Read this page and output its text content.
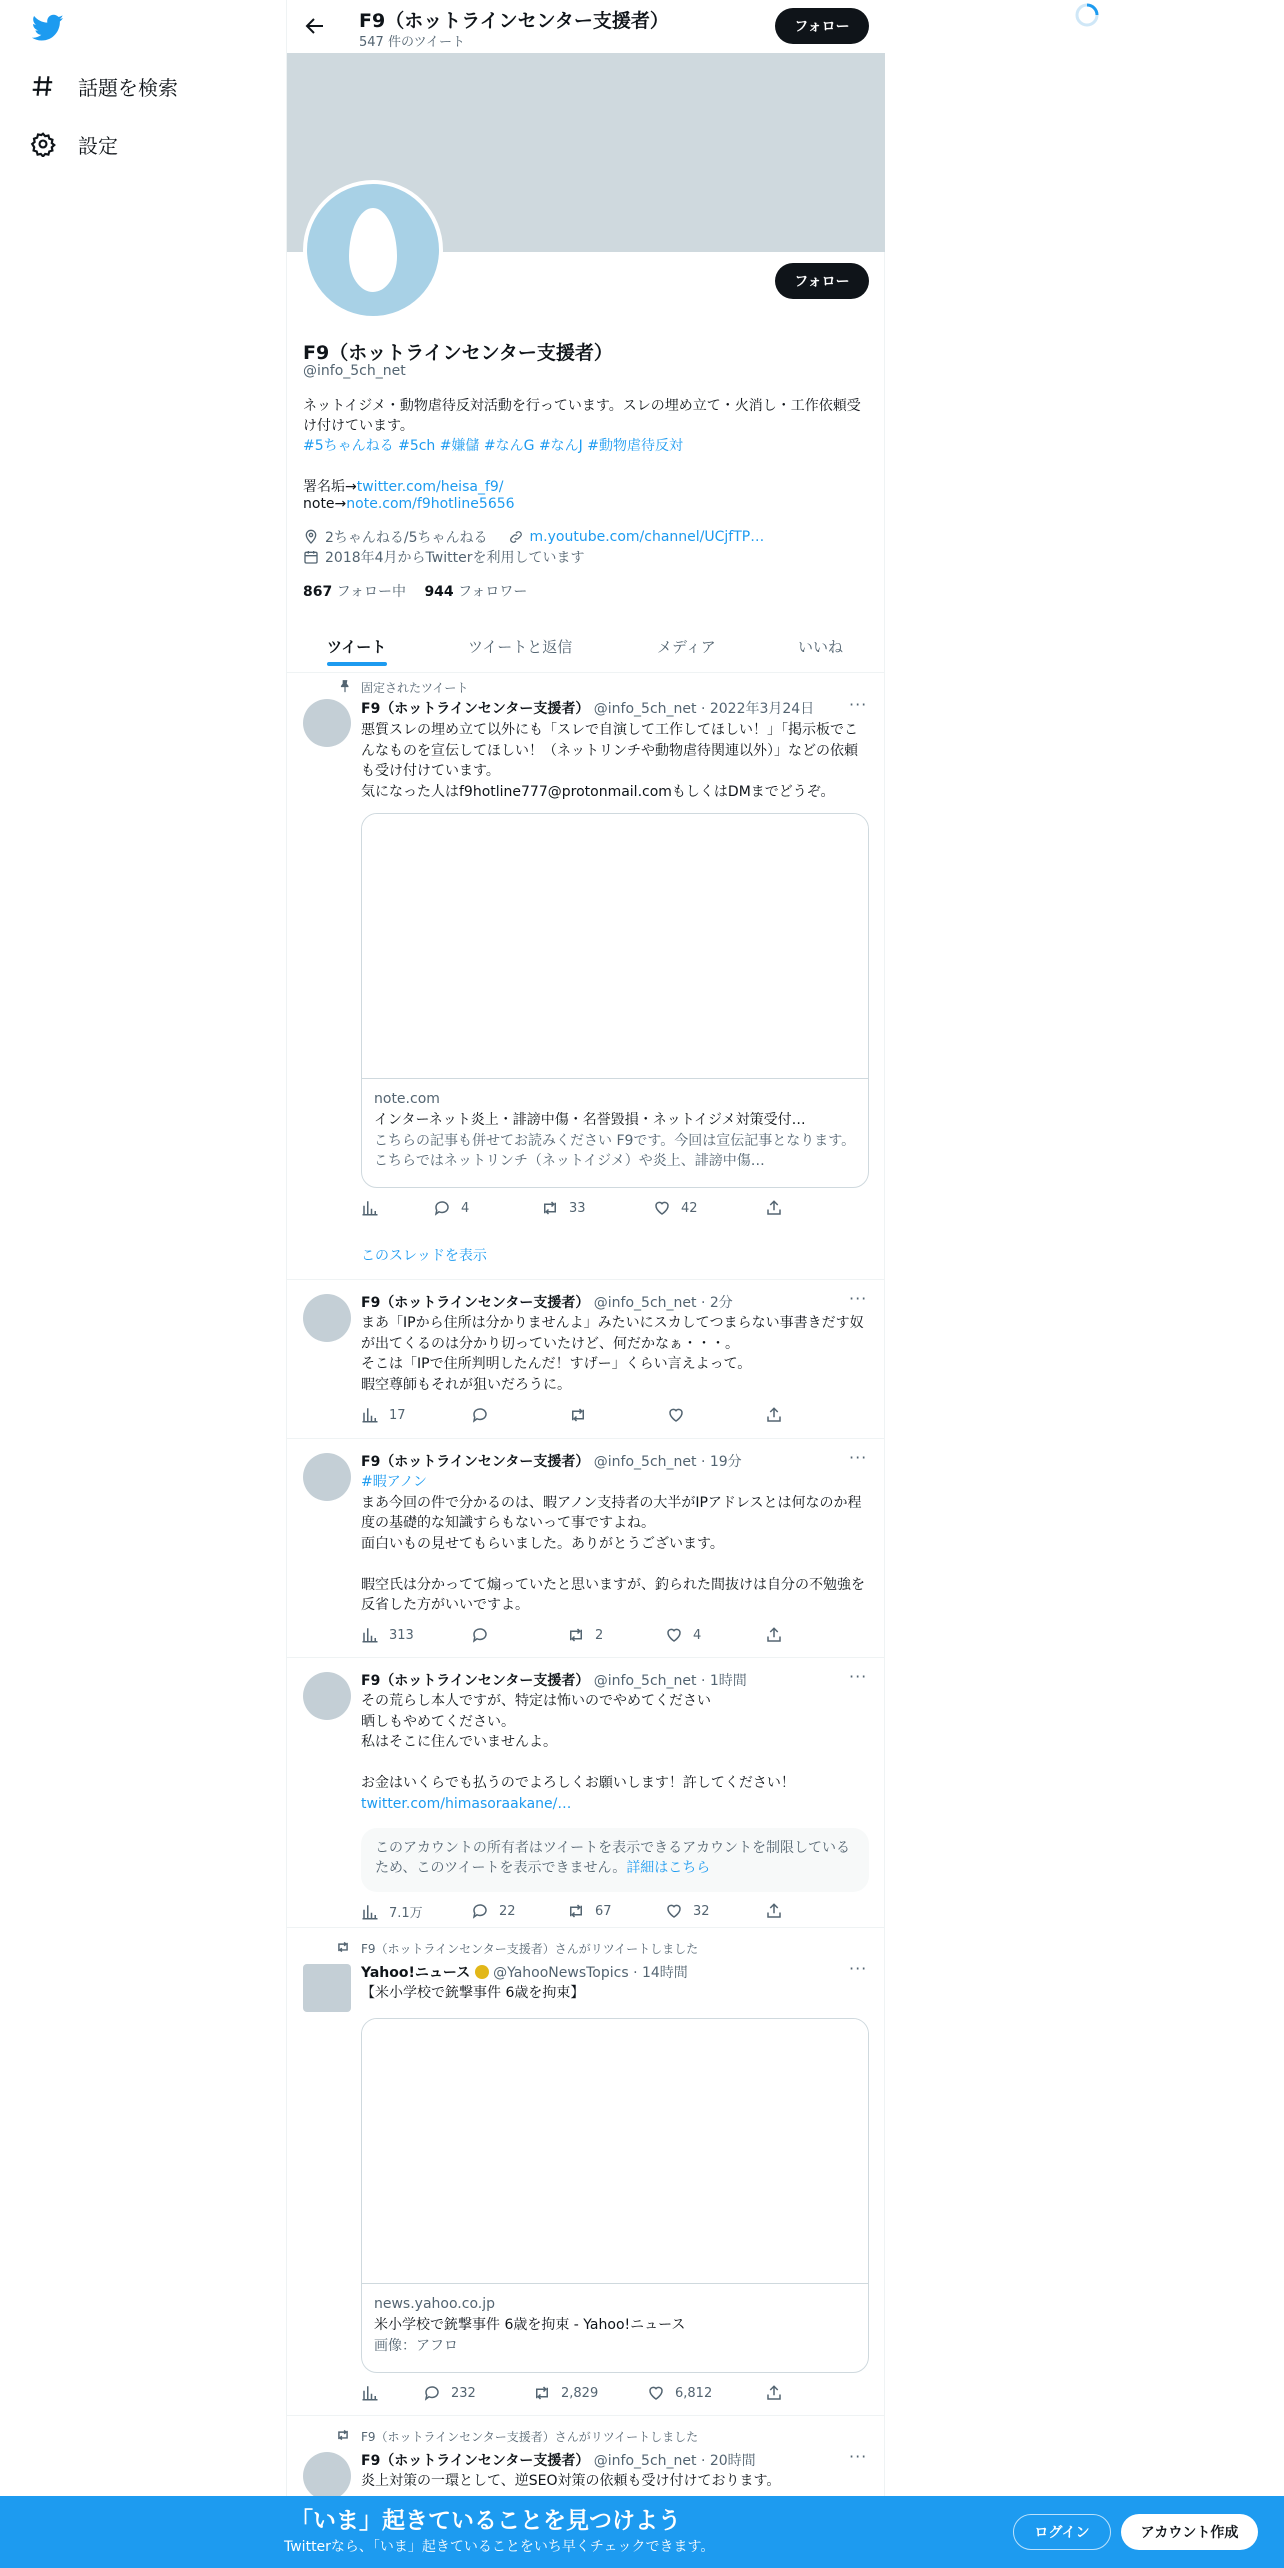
話題を検索
設定
F9（ホットラインセンター支援者）
547 件のツイート
フォロー
フォロー
F9（ホットラインセンター支援者）
@info_5ch_net
ネットイジメ・動物虐待反対活動を行っています。スレの埋め立て・火消し・工作依頼受け付けています。
#5ちゃんねる #5ch #嫌儲 #なんG #なんJ #動物虐待反対
署名垢→twitter.com/heisa_f9/
note→note.com/f9hotline5656
2ちゃんねる/5ちゃんねる	m.youtube.com/channel/UCjfTP…
2018年4月からTwitterを利用しています
867 フォロー中 944 フォロワー
ツイート	ツイートと返信	メディア	いいね
固定されたツイート
F9（ホットラインセンター支援者） @info_5ch_net · 2022年3月24日 ···
悪質スレの埋め立て以外にも「スレで自演して工作してほしい！」「掲示板でこんなものを宣伝してほしい！（ネットリンチや動物虐待関連以外）」などの依頼も受け付けています。
気になった人はf9hotline777@protonmail.comもしくはDMまでどうぞ。
note.com
インターネット炎上・誹謗中傷・名誉毀損・ネットイジメ対策受付…
こちらの記事も併せてお読みください F9です。今回は宣伝記事となります。 こちらではネットリンチ（ネットイジメ）や炎上、誹謗中傷…
4	33	42
このスレッドを表示
F9（ホットラインセンター支援者） @info_5ch_net · 2分	···
まあ「IPから住所は分かりませんよ」みたいにスカしてつまらない事書きだす奴が出てくるのは分かり切っていたけど、何だかなぁ・・・。
そこは「IPで住所判明したんだ！すげー」くらい言えよって。
暇空尊師もそれが狙いだろうに。
17
F9（ホットラインセンター支援者） @info_5ch_net · 19分	···
#暇アノン
まあ今回の件で分かるのは、暇アノン支持者の大半がIPアドレスとは何なのか程度の基礎的な知識すらもないって事ですよね。
面白いもの見せてもらいました。ありがとうございます。

暇空氏は分かってて煽っていたと思いますが、釣られた間抜けは自分の不勉強を反省した方がいいですよ。
313	2	4
F9（ホットラインセンター支援者） @info_5ch_net · 1時間	···
その荒らし本人ですが、特定は怖いのでやめてください
晒しもやめてください。
私はそこに住んでいませんよ。

お金はいくらでも払うのでよろしくお願いします！許してください！
twitter.com/himasoraakane/…
このアカウントの所有者はツイートを表示できるアカウントを制限しているため、このツイートを表示できません。詳細はこちら
7.1万	22	67	32
F9（ホットラインセンター支援者）さんがリツイートしました
Yahoo!ニュース @YahooNewsTopics · 14時間	···
【米小学校で銃撃事件 6歳を拘束】
news.yahoo.co.jp
米小学校で銃撃事件 6歳を拘束 - Yahoo!ニュース
画像：アフロ
232	2,829	6,812
F9（ホットラインセンター支援者）さんがリツイートしました
F9（ホットラインセンター支援者） @info_5ch_net · 20時間	···
炎上対策の一環として、逆SEO対策の依頼も受け付けております。
「いま」起きていることを見つけよう
Twitterなら、「いま」起きていることをいち早くチェックできます。
ログイン	アカウント作成
